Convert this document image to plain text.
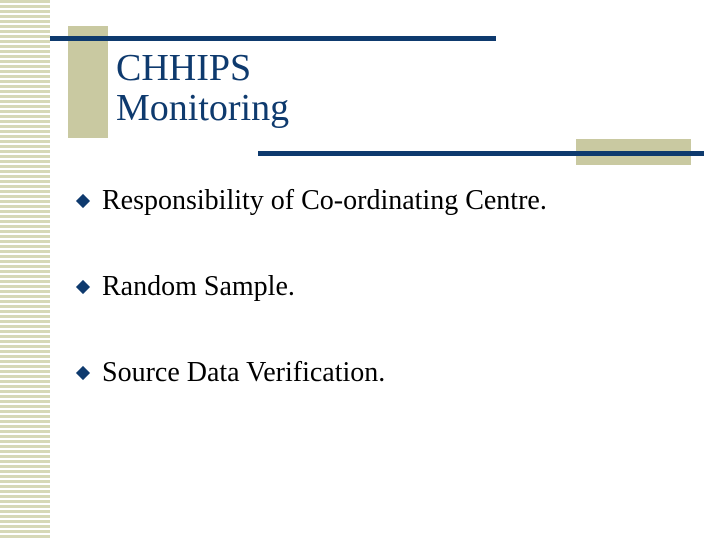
CHHIPS
Monitoring
Responsibility of Co-ordinating Centre.
Random Sample.
Source Data Verification.
